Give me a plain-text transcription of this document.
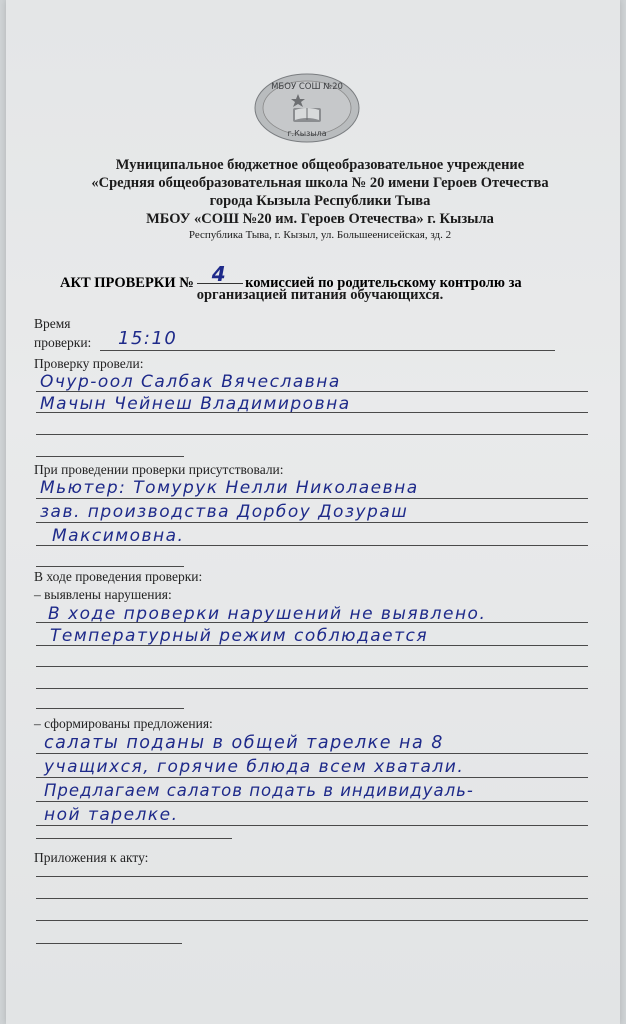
МБОУ СОШ №20
г.Кызыла
Муниципальное бюджетное общеобразовательное учреждение
«Средняя общеобразовательная школа № 20 имени Героев Отечества
города Кызыла Республики Тыва
МБОУ «СОШ №20 им. Героев Отечества» г. Кызыла
Республика Тыва, г. Кызыл, ул. Большеенисейская, зд. 2
АКТ ПРОВЕРКИ № 4 комиссией по родительскому контролю за
организацией питания обучающихся.
Время
проверки: 15:10
Проверку провели:
Очур-оол Салбак Вячеславна
Мачын Чейнеш Владимировна
При проведении проверки присутствовали:
Мьютер: Томурук Нелли Николаевна
зав. производства Дорбоу Дозураш
Максимовна.
В ходе проведения проверки:
– выявлены нарушения:
В ходе проверки нарушений не выявлено.
Температурный режим соблюдается
– сформированы предложения:
салаты поданы в общей тарелке на 8
учащихся, горячие блюда всем хватали.
Предлагаем салатов подать в индивидуаль-
ной тарелке.
Приложения к акту:
